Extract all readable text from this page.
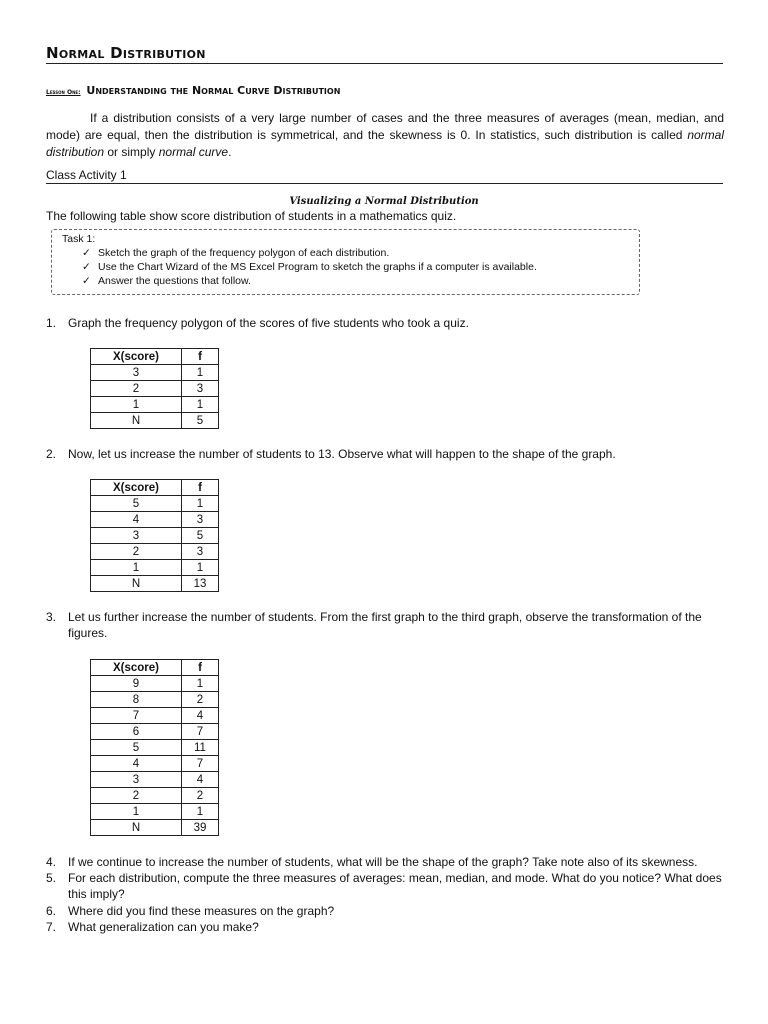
Normal Distribution
Lesson One: Understanding the Normal Curve Distribution
If a distribution consists of a very large number of cases and the three measures of averages (mean, median, and mode) are equal, then the distribution is symmetrical, and the skewness is 0. In statistics, such distribution is called normal distribution or simply normal curve.
Class Activity 1
Visualizing a Normal Distribution
The following table show score distribution of students in a mathematics quiz.
Task 1:
✓ Sketch the graph of the frequency polygon of each distribution.
✓ Use the Chart Wizard of the MS Excel Program to sketch the graphs if a computer is available.
✓ Answer the questions that follow.
1. Graph the frequency polygon of the scores of five students who took a quiz.
X(score)	f
3	1
2	3
1	1
N	5
2. Now, let us increase the number of students to 13. Observe what will happen to the shape of the graph.
X(score)	f
5	1
4	3
3	5
2	3
1	1
N	13
3. Let us further increase the number of students. From the first graph to the third graph, observe the transformation of the figures.
X(score)	f
9	1
8	2
7	4
6	7
5	11
4	7
3	4
2	2
1	1
N	39
4. If we continue to increase the number of students, what will be the shape of the graph? Take note also of its skewness.
5. For each distribution, compute the three measures of averages: mean, median, and mode. What do you notice? What does this imply?
6. Where did you find these measures on the graph?
7. What generalization can you make?
